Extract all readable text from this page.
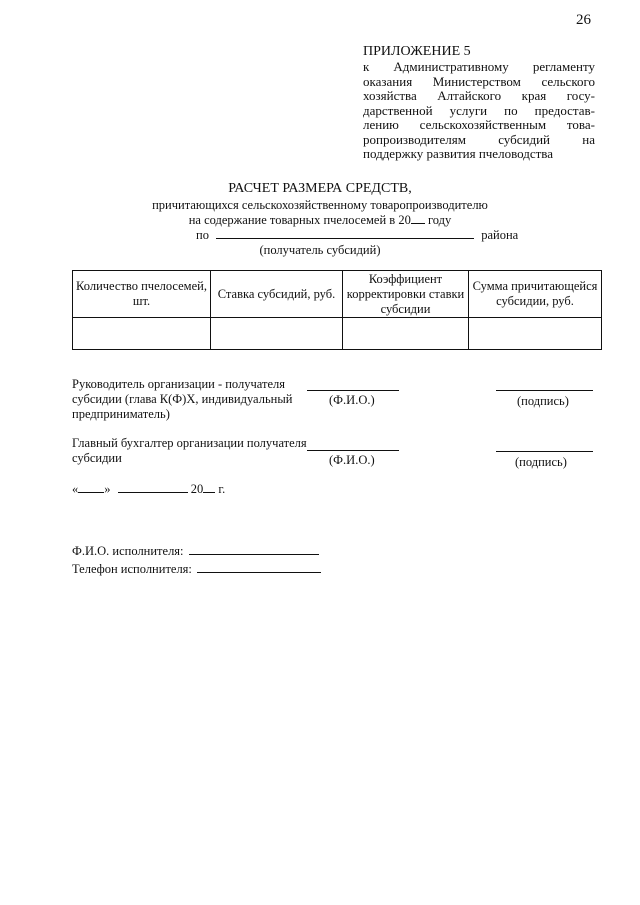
26
ПРИЛОЖЕНИЕ 5
к Административному регламенту
оказания Министерством сельского
хозяйства Алтайского края госу-
дарственной услуги по предостав-
лению сельскохозяйственным това-
ропроизводителям субсидий на
поддержку развития пчеловодства
РАСЧЕТ РАЗМЕРА СРЕДСТВ,
причитающихся сельскохозяйственному товаропроизводителю
на содержание товарных пчелосемей в 20 году
по	района
(получатель субсидий)
Количество пчелосемей, шт.	Ставка субсидий, руб.	Коэффициент корректировки ставки субсидии	Сумма причитающейся субсидии, руб.

Руководитель организации - получателя субсидии (глава К(Ф)Х, индивидуальный предприниматель)
(Ф.И.О.)	(подпись)
Главный бухгалтер организации получателя субсидии	(Ф.И.О.)	(подпись)
« »	20 г.
Ф.И.О. исполнителя:
Телефон исполнителя:
